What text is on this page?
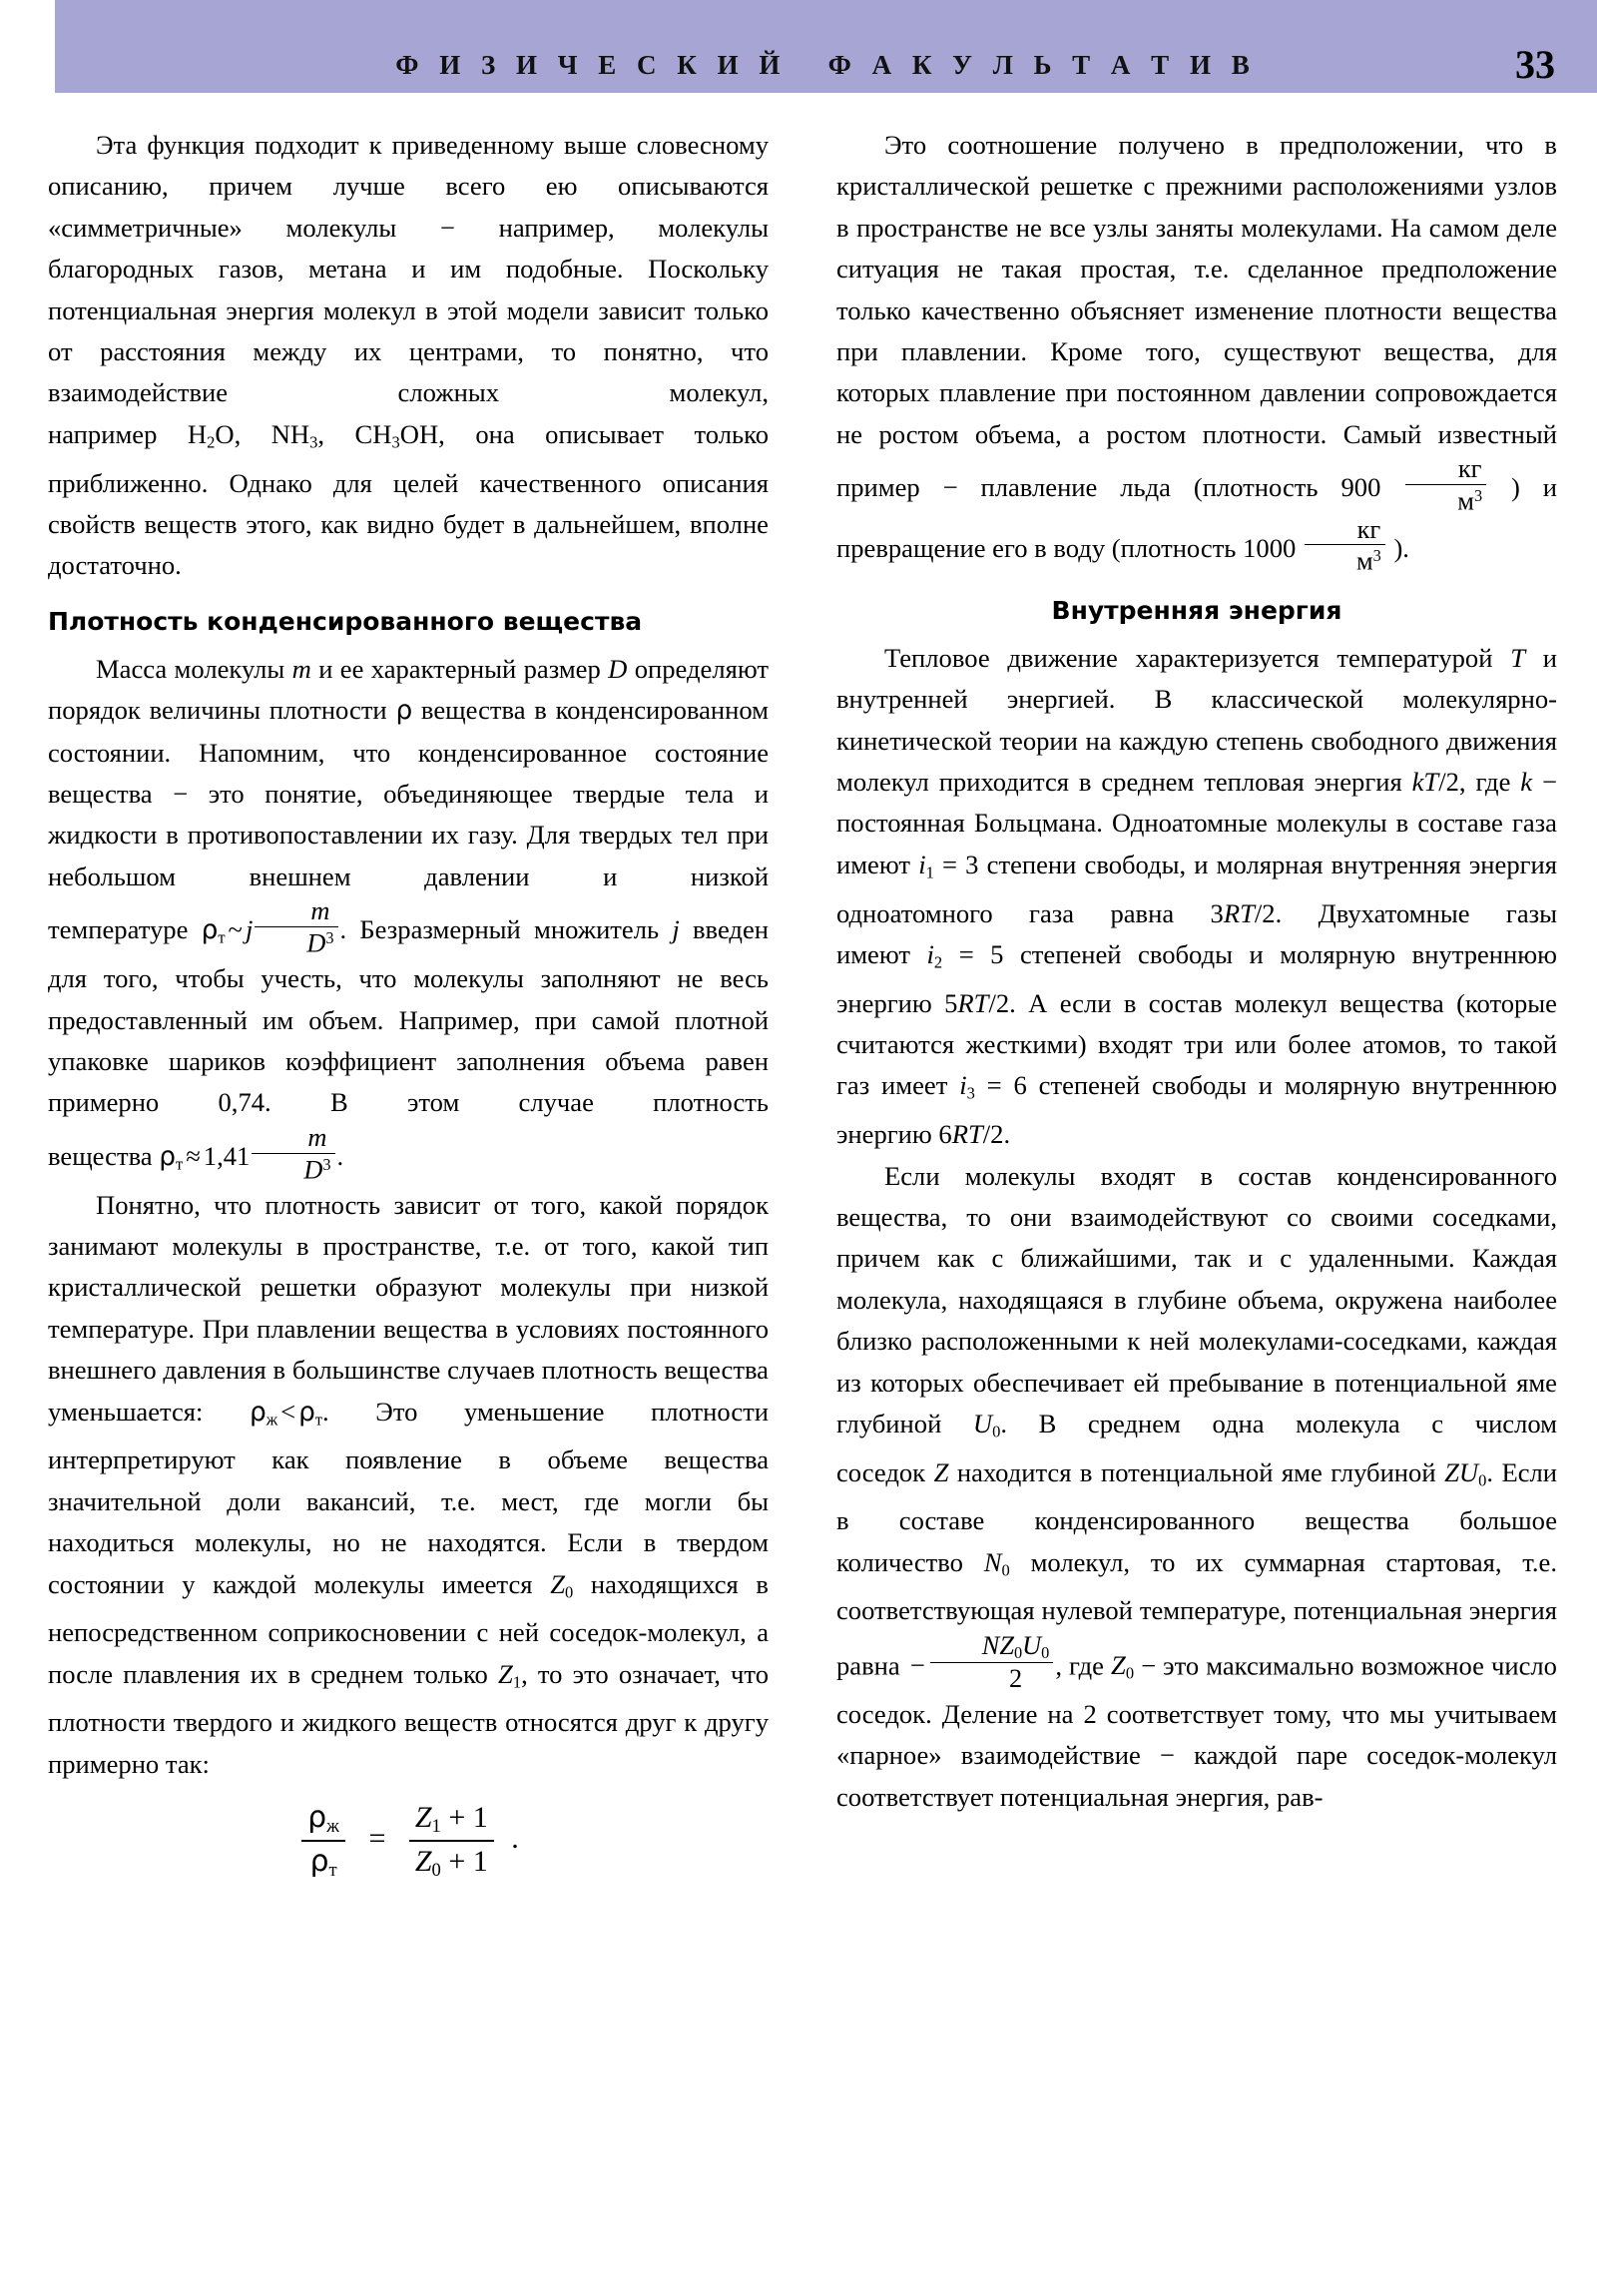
Ф И З И Ч Е С К И Й   Ф А К У Л Ь Т А Т И В	33

Эта функция подходит к приведенному выше словесному описанию, причем лучше всего ею описываются «симметричные» молекулы − например, молекулы благородных газов, метана и им подобные. Поскольку потенциальная энергия молекул в этой модели зависит только от расстояния между их центрами, то понятно, что взаимодействие сложных молекул, например $H_2O$, $NH_3$, $CH_3OH$, она описывает только приближенно. Однако для целей качественного описания свойств веществ этого, как видно будет в дальнейшем, вполне достаточно.

Плотность конденсированного вещества

Масса молекулы m и ее характерный размер D определяют порядок величины плотности ρ вещества в конденсированном состоянии. Напомним, что конденсированное состояние вещества − это понятие, объединяющее твердые тела и жидкости в противопоставлении их газу. Для твердых тел при небольшом внешнем давлении и низкой температуре $\rho_т$ ~ j $\frac{m}{D^3}$ . Безразмерный множитель j введен для того, чтобы учесть, что молекулы заполняют не весь предоставленный им объем. Например, при самой плотной упаковке шариков коэффициент заполнения объема равен примерно 0,74. В этом случае плотность вещества $\rho_т \approx 1,41 \frac{m}{D^3}$ .

Понятно, что плотность зависит от того, какой порядок занимают молекулы в пространстве, т.е. от того, какой тип кристаллической решетки образуют молекулы при низкой температуре. При плавлении вещества в условиях постоянного внешнего давления в большинстве случаев плотность вещества уменьшается: $\rho_ж < \rho_т$. Это уменьшение плотности интерпретируют как появление в объеме вещества значительной доли вакансий, т.е. мест, где могли бы находиться молекулы, но не находятся. Если в твердом состоянии у каждой молекулы имеется $Z_0$ находящихся в непосредственном соприкосновении с ней соседок-молекул, а после плавления их в среднем только $Z_1$, то это означает, что плотности твердого и жидкого веществ относятся друг к другу примерно так:

$\frac{\rho_ж}{\rho_т} = \frac{Z_1 + 1}{Z_0 + 1}$ .

Это соотношение получено в предположении, что в кристаллической решетке с прежними расположениями узлов в пространстве не все узлы заняты молекулами. На самом деле ситуация не такая простая, т.е. сделанное предположение только качественно объясняет изменение плотности вещества при плавлении. Кроме того, существуют вещества, для которых плавление при постоянном давлении сопровождается не ростом объема, а ростом плотности. Самый известный пример − плавление льда (плотность $900 \frac{кг}{м^3}$ ) и превращение его в воду (плотность $1000 \frac{кг}{м^3}$ ).

Внутренняя энергия

Тепловое движение характеризуется температурой T и внутренней энергией. В классической молекулярно-кинетической теории на каждую степень свободного движения молекул приходится в среднем тепловая энергия kT/2, где k − постоянная Больцмана. Одноатомные молекулы в составе газа имеют $i_1 = 3$ степени свободы, и молярная внутренняя энергия одноатомного газа равна 3RT/2. Двухатомные газы имеют $i_2 = 5$ степеней свободы и молярную внутреннюю энергию 5RT/2. А если в состав молекул вещества (которые считаются жесткими) входят три или более атомов, то такой газ имеет $i_3 = 6$ степеней свободы и молярную внутреннюю энергию 6RT/2.

Если молекулы входят в состав конденсированного вещества, то они взаимодействуют со своими соседками, причем как с ближайшими, так и с удаленными. Каждая молекула, находящаяся в глубине объема, окружена наиболее близко расположенными к ней молекулами-соседками, каждая из которых обеспечивает ей пребывание в потенциальной яме глубиной $U_0$. В среднем одна молекула с числом соседок Z находится в потенциальной яме глубиной $ZU_0$. Если в составе конденсированного вещества большое количество $N_0$ молекул, то их суммарная стартовая, т.е. соответствующая нулевой температуре, потенциальная энергия равна − $\frac{NZ_0U_0}{2}$ , где $Z_0$ − это максимально возможное число соседок. Деление на 2 соответствует тому, что мы учитываем «парное» взаимодействие − каждой паре соседок-молекул соответствует потенциальная энергия, рав-
